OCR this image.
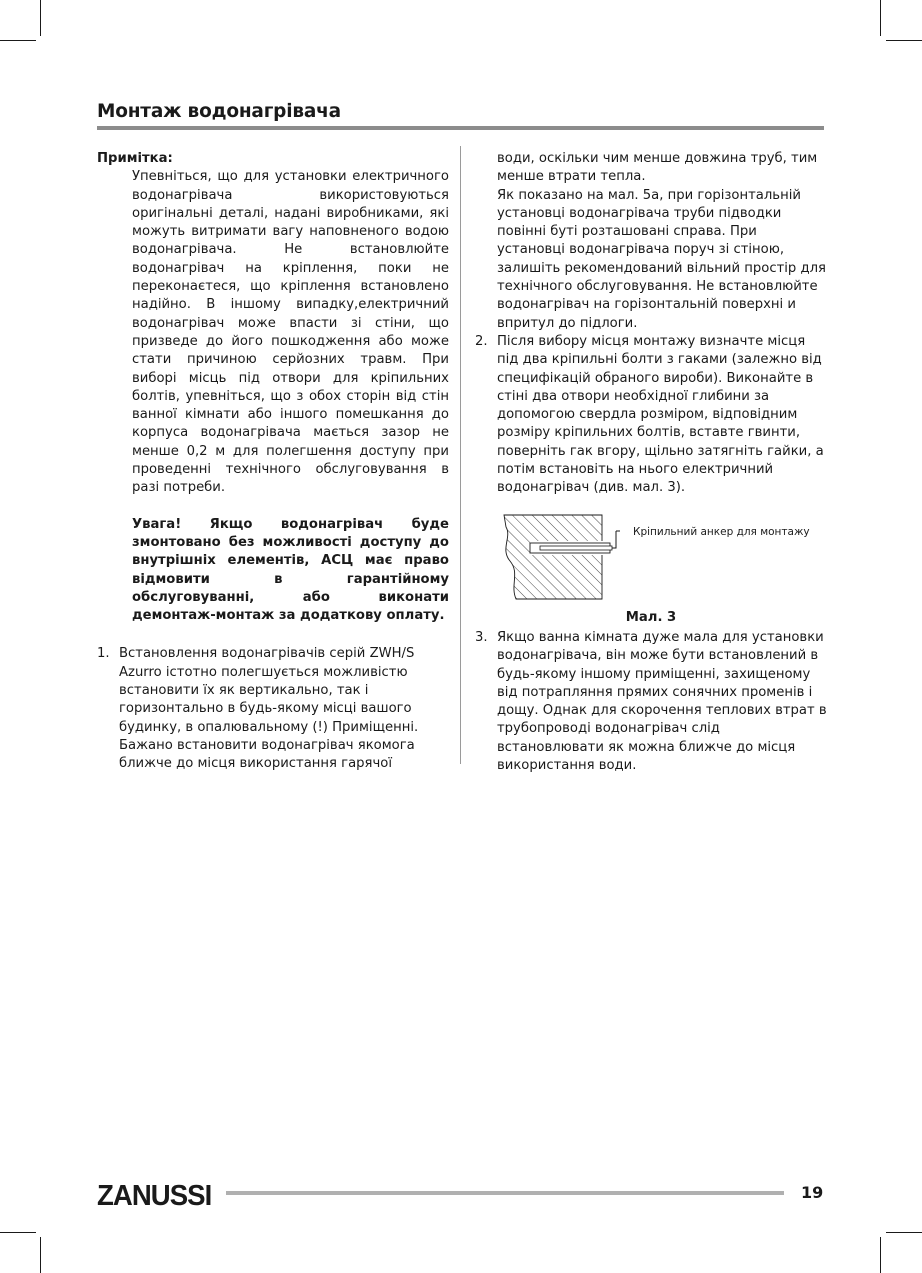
Монтаж водонагрівача
Примітка:

Упевніться, що для установки електричного водонагрівача використовуються оригінальні деталі, надані виробниками, які можуть витримати вагу наповненого водою водонагрівача. Не встановлюйте водонагрівач на кріплення, поки не переконаєтеся, що кріплення встановлено надійно. В іншому випадку,електричний водонагрівач може впасти зі стіни, що призведе до його пошкодження або може стати причиною серйозних травм. При виборі місць під отвори для кріпильних болтів, упевніться, що з обох сторін від стін ванної кімнати або іншого помешкання до корпуса водонагрівача мається зазор не менше 0,2 м для полегшення доступу при проведенні технічного обслуговування в разі потреби.

Увага! Якщо водонагрівач буде змонтовано без можливості доступу до внутрішніх елементів, АСЦ має право відмовити в гарантійному обслуговуванні, або виконати демонтаж-монтаж за додаткову оплату.

1. Встановлення водонагрівачів серій ZWH/S Azurro істотно полегшується можливістю встановити їх як вертикально, так і горизонтально в будь-якому місці вашого будинку, в опалювальному (!) Приміщенні. Бажано встановити водонагрівач якомога ближче до місця використання гарячої

води, оскільки чим менше довжина труб, тим менше втрати тепла.

Як показано на мал. 5а, при горізонтальній установці водонагрівача труби підводки повінні буті розташовані справа. При установці водонагрівача поруч зі стіною, залишіть рекомендований вільний простір для технічного обслуговування. Не встановлюйте водонагрівач на горізонтальній поверхні и впритул до підлоги.

2. Після вибору місця монтажу визначте місця під два кріпильні болти з гаками (залежно від специфікацій обраного вироби). Виконайте в стіні два отвори необхідної глибини за допомогою свердла розміром, відповідним розміру кріпильних болтів, вставте гвинти, поверніть гак вгору, щільно затягніть гайки, а потім встановіть на нього електричний водонагрівач (див. мал. 3).

Кріпильний анкер для монтажу
Мал. 3
3. Якщо ванна кімната дуже мала для установки водонагрівача, він може бути встановлений в будь-якому іншому приміщенні, захищеному від потрапляння прямих сонячних променів і дощу. Однак для скорочення теплових втрат в трубопроводі водонагрівач слід встановлювати як можна ближче до місця використання води.

ZANUSSI	19
